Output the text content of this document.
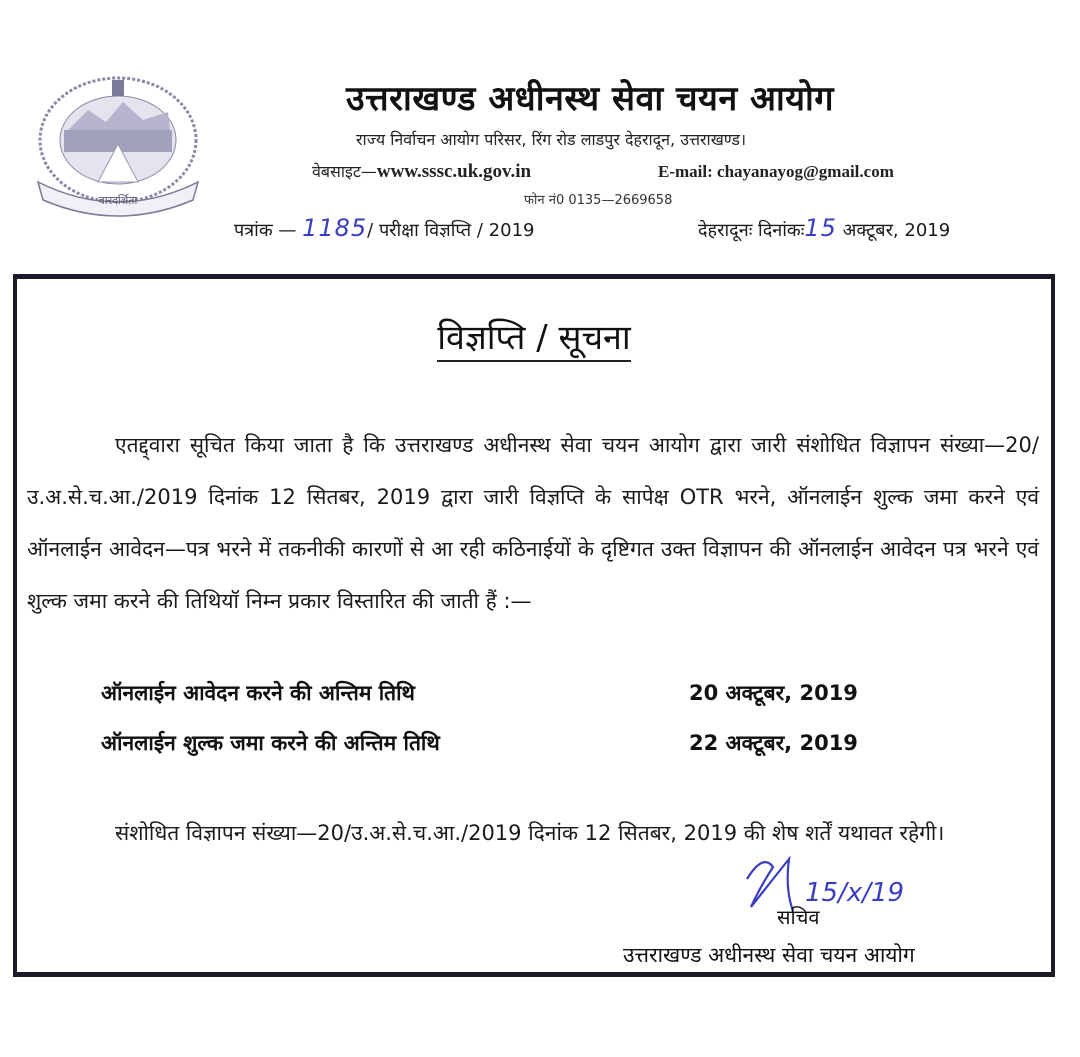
वारदर्शिता
उत्तराखण्ड अधीनस्थ सेवा चयन आयोग
राज्य निर्वाचन आयोग परिसर, रिंग रोड लाडपुर देहरादून, उत्तराखण्ड।
वेबसाइट—www.sssc.uk.gov.in	E-mail: chayanayog@gmail.com
फोन नं0 0135—2669658
पत्रांक — 1185/ परीक्षा विज्ञप्ति / 2019	देहरादूनः दिनांकः15 अक्टूबर, 2019
विज्ञप्ति / सूचना
एतद्द्वारा सूचित किया जाता है कि उत्तराखण्ड अधीनस्थ सेवा चयन आयोग द्वारा जारी संशोधित विज्ञापन संख्या—20/उ.अ.से.च.आ./2019 दिनांक 12 सितबर, 2019 द्वारा जारी विज्ञप्ति के सापेक्ष OTR भरने, ऑनलाईन शुल्क जमा करने एवं ऑनलाईन आवेदन—पत्र भरने में तकनीकी कारणों से आ रही कठिनाईयों के दृष्टिगत उक्त विज्ञापन की ऑनलाईन आवेदन पत्र भरने एवं शुल्क जमा करने की तिथियॉ निम्न प्रकार विस्तारित की जाती हैं :—
ऑनलाईन आवेदन करने की अन्तिम तिथि	20 अक्टूबर, 2019
ऑनलाईन शुल्क जमा करने की अन्तिम तिथि	22 अक्टूबर, 2019
संशोधित विज्ञापन संख्या—20/उ.अ.से.च.आ./2019 दिनांक 12 सितबर, 2019 की शेष शर्तें यथावत रहेगी।
15/x/19
सचिव
उत्तराखण्ड अधीनस्थ सेवा चयन आयोग
